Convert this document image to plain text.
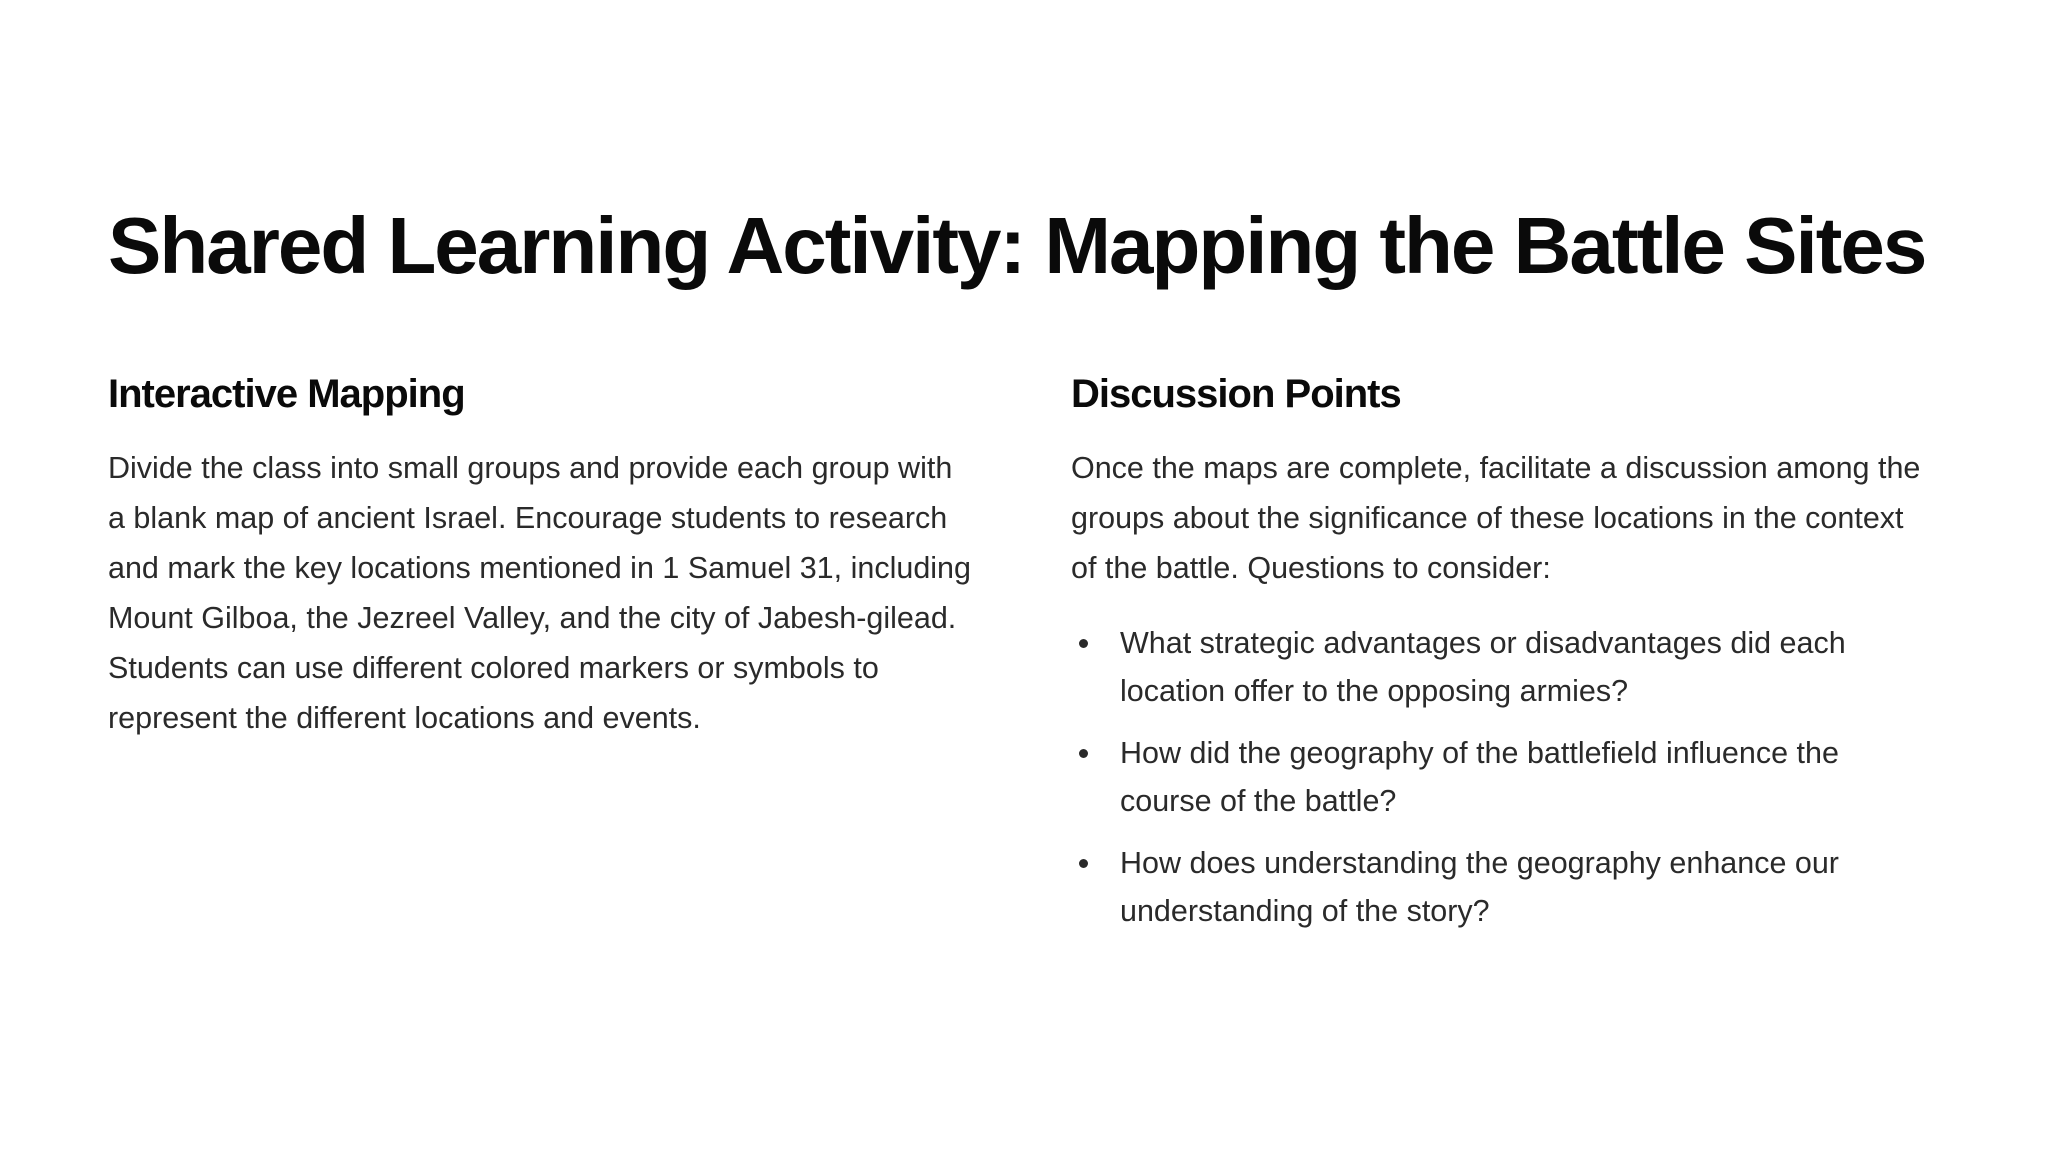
Shared Learning Activity: Mapping the Battle Sites
Interactive Mapping

Divide the class into small groups and provide each group with
a blank map of ancient Israel. Encourage students to research
and mark the key locations mentioned in 1 Samuel 31, including
Mount Gilboa, the Jezreel Valley, and the city of Jabesh-gilead.
Students can use different colored markers or symbols to
represent the different locations and events.

Discussion Points

Once the maps are complete, facilitate a discussion among the
groups about the significance of these locations in the context
of the battle. Questions to consider:

What strategic advantages or disadvantages did each
location offer to the opposing armies?
How did the geography of the battlefield influence the
course of the battle?
How does understanding the geography enhance our
understanding of the story?
